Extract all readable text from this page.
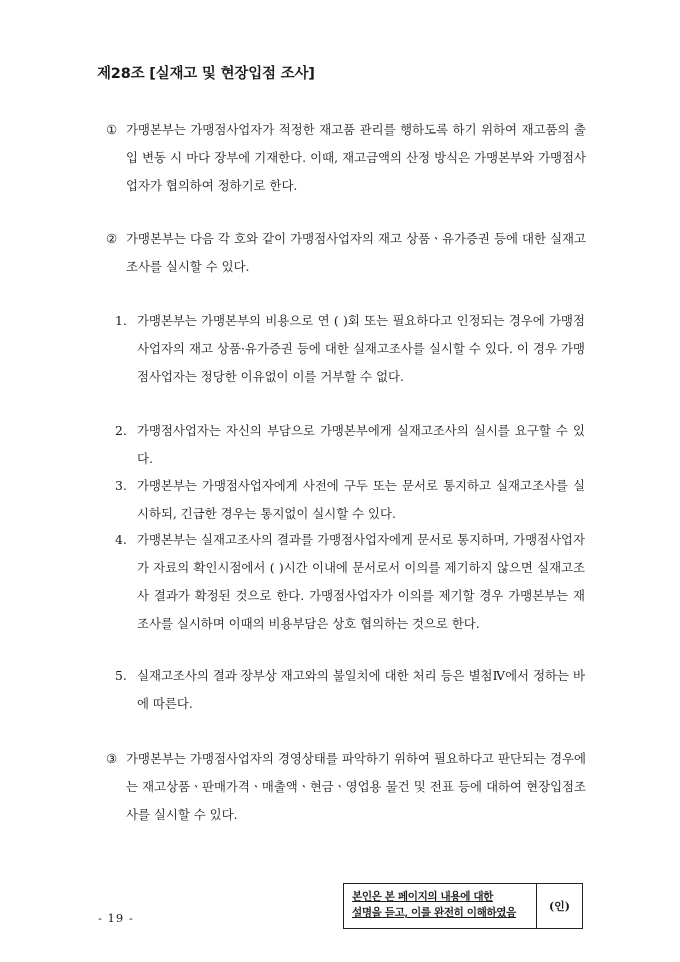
제28조 [실재고 및 현장입점 조사]
① 가맹본부는 가맹점사업자가 적정한 재고품 관리를 행하도록 하기 위하여 재고품의 출입 변동 시 마다 장부에 기재한다. 이때, 재고금액의 산정 방식은 가맹본부와 가맹점사업자가 협의하여 정하기로 한다.
② 가맹본부는 다음 각 호와 같이 가맹점사업자의 재고 상품ㆍ유가증권 등에 대한 실재고조사를 실시할 수 있다.
1. 가맹본부는 가맹본부의 비용으로 연 ( )회 또는 필요하다고 인정되는 경우에 가맹점사업자의 재고 상품·유가증권 등에 대한 실재고조사를 실시할 수 있다. 이 경우 가맹점사업자는 정당한 이유없이 이를 거부할 수 없다.
2. 가맹점사업자는 자신의 부담으로 가맹본부에게 실재고조사의 실시를 요구할 수 있다.
3. 가맹본부는 가맹점사업자에게 사전에 구두 또는 문서로 통지하고 실재고조사를 실시하되, 긴급한 경우는 통지없이 실시할 수 있다.
4. 가맹본부는 실재고조사의 결과를 가맹점사업자에게 문서로 통지하며, 가맹점사업자가 자료의 확인시점에서 ( )시간 이내에 문서로서 이의를 제기하지 않으면 실재고조사 결과가 확정된 것으로 한다. 가맹점사업자가 이의를 제기할 경우 가맹본부는 재조사를 실시하며 이때의 비용부담은 상호 협의하는 것으로 한다.
5. 실재고조사의 결과 장부상 재고와의 불일치에 대한 처리 등은 별첨Ⅳ에서 정하는 바에 따른다.
③ 가맹본부는 가맹점사업자의 경영상태를 파악하기 위하여 필요하다고 판단되는 경우에는 재고상품ㆍ판매가격ㆍ매출액ㆍ현금ㆍ영업용 물건 및 전표 등에 대하여 현장입점조사를 실시할 수 있다.
- 19 -
본인은 본 페이지의 내용에 대한
설명을 듣고, 이를 완전히 이해하였음	(인)
